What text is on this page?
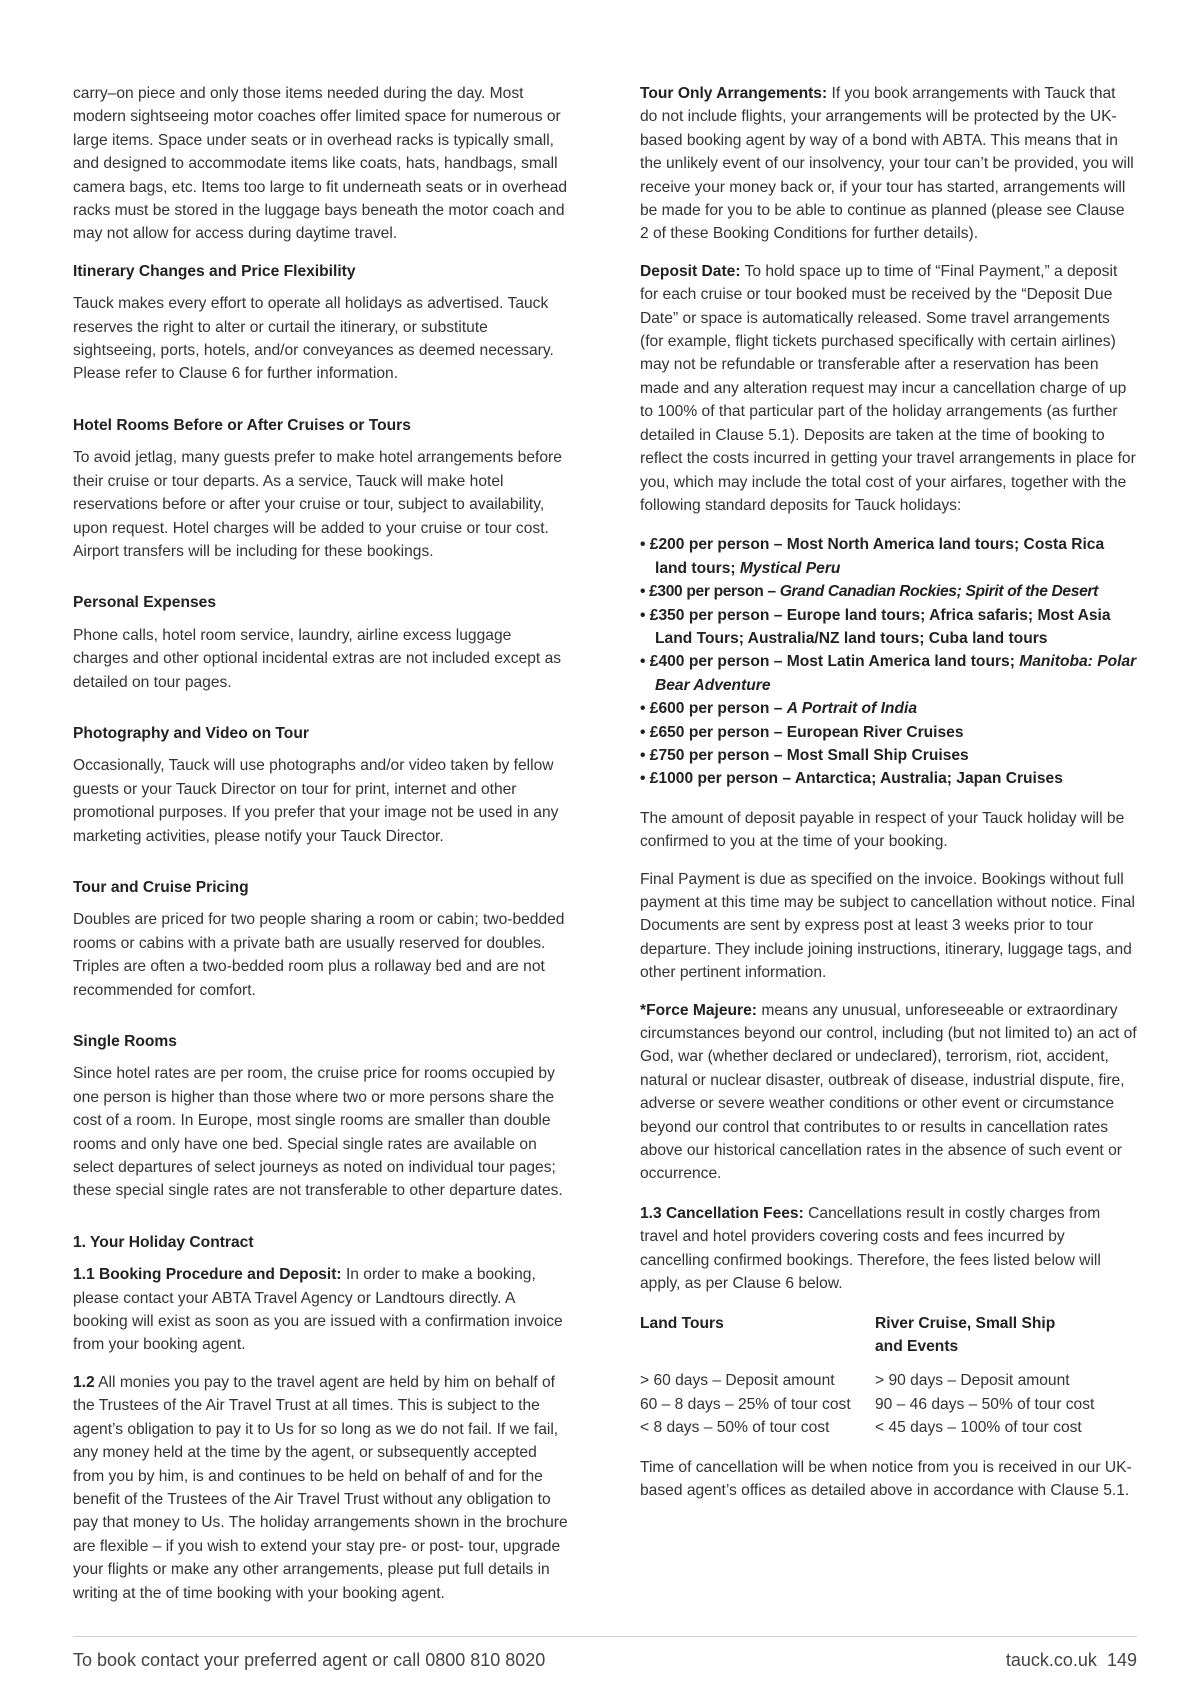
carry–on piece and only those items needed during the day. Most modern sightseeing motor coaches offer limited space for numerous or large items. Space under seats or in overhead racks is typically small, and designed to accommodate items like coats, hats, handbags, small camera bags, etc. Items too large to fit underneath seats or in overhead racks must be stored in the luggage bays beneath the motor coach and may not allow for access during daytime travel.

Itinerary Changes and Price Flexibility

Tauck makes every effort to operate all holidays as advertised. Tauck reserves the right to alter or curtail the itinerary, or substitute sightseeing, ports, hotels, and/or conveyances as deemed necessary. Please refer to Clause 6 for further information.

Hotel Rooms Before or After Cruises or Tours

To avoid jetlag, many guests prefer to make hotel arrangements before their cruise or tour departs. As a service, Tauck will make hotel reservations before or after your cruise or tour, subject to availability, upon request. Hotel charges will be added to your cruise or tour cost. Airport transfers will be including for these bookings.

Personal Expenses

Phone calls, hotel room service, laundry, airline excess luggage charges and other optional incidental extras are not included except as detailed on tour pages.

Photography and Video on Tour

Occasionally, Tauck will use photographs and/or video taken by fellow guests or your Tauck Director on tour for print, internet and other promotional purposes. If you prefer that your image not be used in any marketing activities, please notify your Tauck Director.

Tour and Cruise Pricing

Doubles are priced for two people sharing a room or cabin; two-bedded rooms or cabins with a private bath are usually reserved for doubles. Triples are often a two-bedded room plus a rollaway bed and are not recommended for comfort.

Single Rooms

Since hotel rates are per room, the cruise price for rooms occupied by one person is higher than those where two or more persons share the cost of a room. In Europe, most single rooms are smaller than double rooms and only have one bed. Special single rates are available on select departures of select journeys as noted on individual tour pages; these special single rates are not transferable to other departure dates.

1. Your Holiday Contract

1.1 Booking Procedure and Deposit: In order to make a booking, please contact your ABTA Travel Agency or Landtours directly. A booking will exist as soon as you are issued with a confirmation invoice from your booking agent.

1.2 All monies you pay to the travel agent are held by him on behalf of the Trustees of the Air Travel Trust at all times. This is subject to the agent’s obligation to pay it to Us for so long as we do not fail. If we fail, any money held at the time by the agent, or subsequently accepted from you by him, is and continues to be held on behalf of and for the benefit of the Trustees of the Air Travel Trust without any obligation to pay that money to Us. The holiday arrangements shown in the brochure are flexible – if you wish to extend your stay pre- or post- tour, upgrade your flights or make any other arrangements, please put full details in writing at the of time booking with your booking agent.

Tour Only Arrangements: If you book arrangements with Tauck that do not include flights, your arrangements will be protected by the UK-based booking agent by way of a bond with ABTA. This means that in the unlikely event of our insolvency, your tour can’t be provided, you will receive your money back or, if your tour has started, arrangements will be made for you to be able to continue as planned (please see Clause 2 of these Booking Conditions for further details).

Deposit Date: To hold space up to time of “Final Payment,” a deposit for each cruise or tour booked must be received by the “Deposit Due Date” or space is automatically released. Some travel arrangements (for example, flight tickets purchased specifically with certain airlines) may not be refundable or transferable after a reservation has been made and any alteration request may incur a cancellation charge of up to 100% of that particular part of the holiday arrangements (as further detailed in Clause 5.1). Deposits are taken at the time of booking to reflect the costs incurred in getting your travel arrangements in place for you, which may include the total cost of your airfares, together with the following standard deposits for Tauck holidays:

• £200 per person – Most North America land tours; Costa Rica land tours; Mystical Peru
• £300 per person – Grand Canadian Rockies; Spirit of the Desert
• £350 per person – Europe land tours; Africa safaris; Most Asia Land Tours; Australia/NZ land tours; Cuba land tours
• £400 per person – Most Latin America land tours; Manitoba: Polar Bear Adventure
• £600 per person – A Portrait of India
• £650 per person – European River Cruises
• £750 per person – Most Small Ship Cruises
• £1000 per person – Antarctica; Australia; Japan Cruises

The amount of deposit payable in respect of your Tauck holiday will be confirmed to you at the time of your booking.

Final Payment is due as specified on the invoice. Bookings without full payment at this time may be subject to cancellation without notice. Final Documents are sent by express post at least 3 weeks prior to tour departure. They include joining instructions, itinerary, luggage tags, and other pertinent information.

*Force Majeure: means any unusual, unforeseeable or extraordinary circumstances beyond our control, including (but not limited to) an act of God, war (whether declared or undeclared), terrorism, riot, accident, natural or nuclear disaster, outbreak of disease, industrial dispute, fire, adverse or severe weather conditions or other event or circumstance beyond our control that contributes to or results in cancellation rates above our historical cancellation rates in the absence of such event or occurrence.

1.3 Cancellation Fees: Cancellations result in costly charges from travel and hotel providers covering costs and fees incurred by cancelling confirmed bookings. Therefore, the fees listed below will apply, as per Clause 6 below.

Land Tours
> 60 days – Deposit amount
60 – 8 days – 25% of tour cost
< 8 days – 50% of tour cost
River Cruise, Small Ship and Events
> 90 days – Deposit amount
90 – 46 days – 50% of tour cost
< 45 days – 100% of tour cost

Time of cancellation will be when notice from you is received in our UK-based agent’s offices as detailed above in accordance with Clause 5.1.

To book contact your preferred agent or call 0800 810 8020	tauck.co.uk 149
